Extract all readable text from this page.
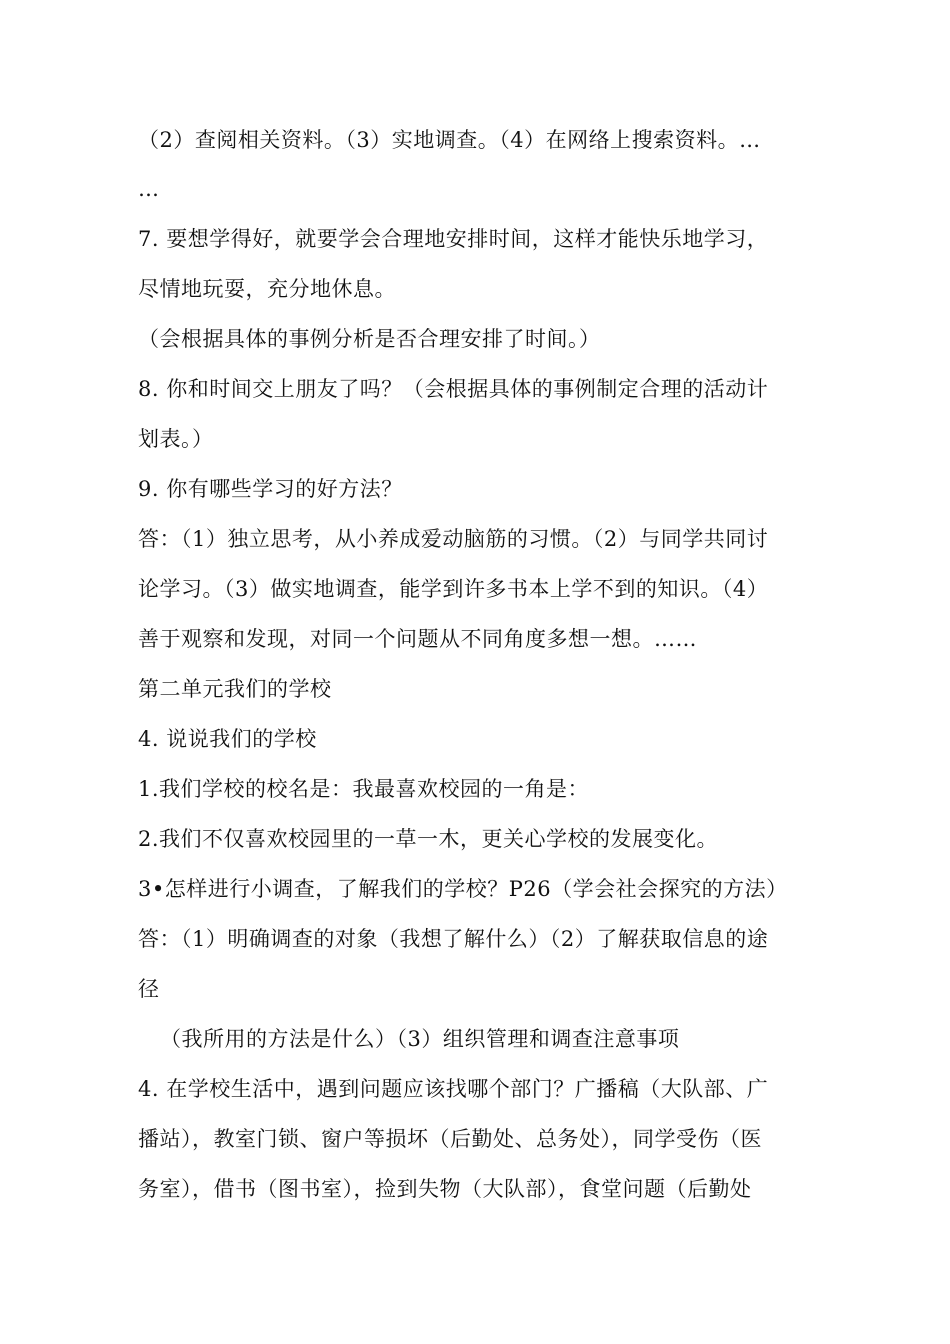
（2）查阅相关资料。（3）实地调查。（4）在网络上搜索资料。…
…
7. 要想学得好，就要学会合理地安排时间，这样才能快乐地学习，
尽情地玩耍，充分地休息。
（会根据具体的事例分析是否合理安排了时间。）
8. 你和时间交上朋友了吗？（会根据具体的事例制定合理的活动计
划表。）
9. 你有哪些学习的好方法？
答：（1）独立思考，从小养成爱动脑筋的习惯。（2）与同学共同讨
论学习。（3）做实地调查，能学到许多书本上学不到的知识。（4）
善于观察和发现，对同一个问题从不同角度多想一想。……
第二单元我们的学校
4. 说说我们的学校
1.我们学校的校名是：我最喜欢校园的一角是：
2.我们不仅喜欢校园里的一草一木，更关心学校的发展变化。
3•怎样进行小调查，了解我们的学校？P26（学会社会探究的方法）
答：（1）明确调查的对象（我想了解什么）（2）了解获取信息的途
径
（我所用的方法是什么）（3）组织管理和调查注意事项
4. 在学校生活中，遇到问题应该找哪个部门？广播稿（大队部、广
播站），教室门锁、窗户等损坏（后勤处、总务处），同学受伤（医
务室），借书（图书室），捡到失物（大队部），食堂问题（后勤处
